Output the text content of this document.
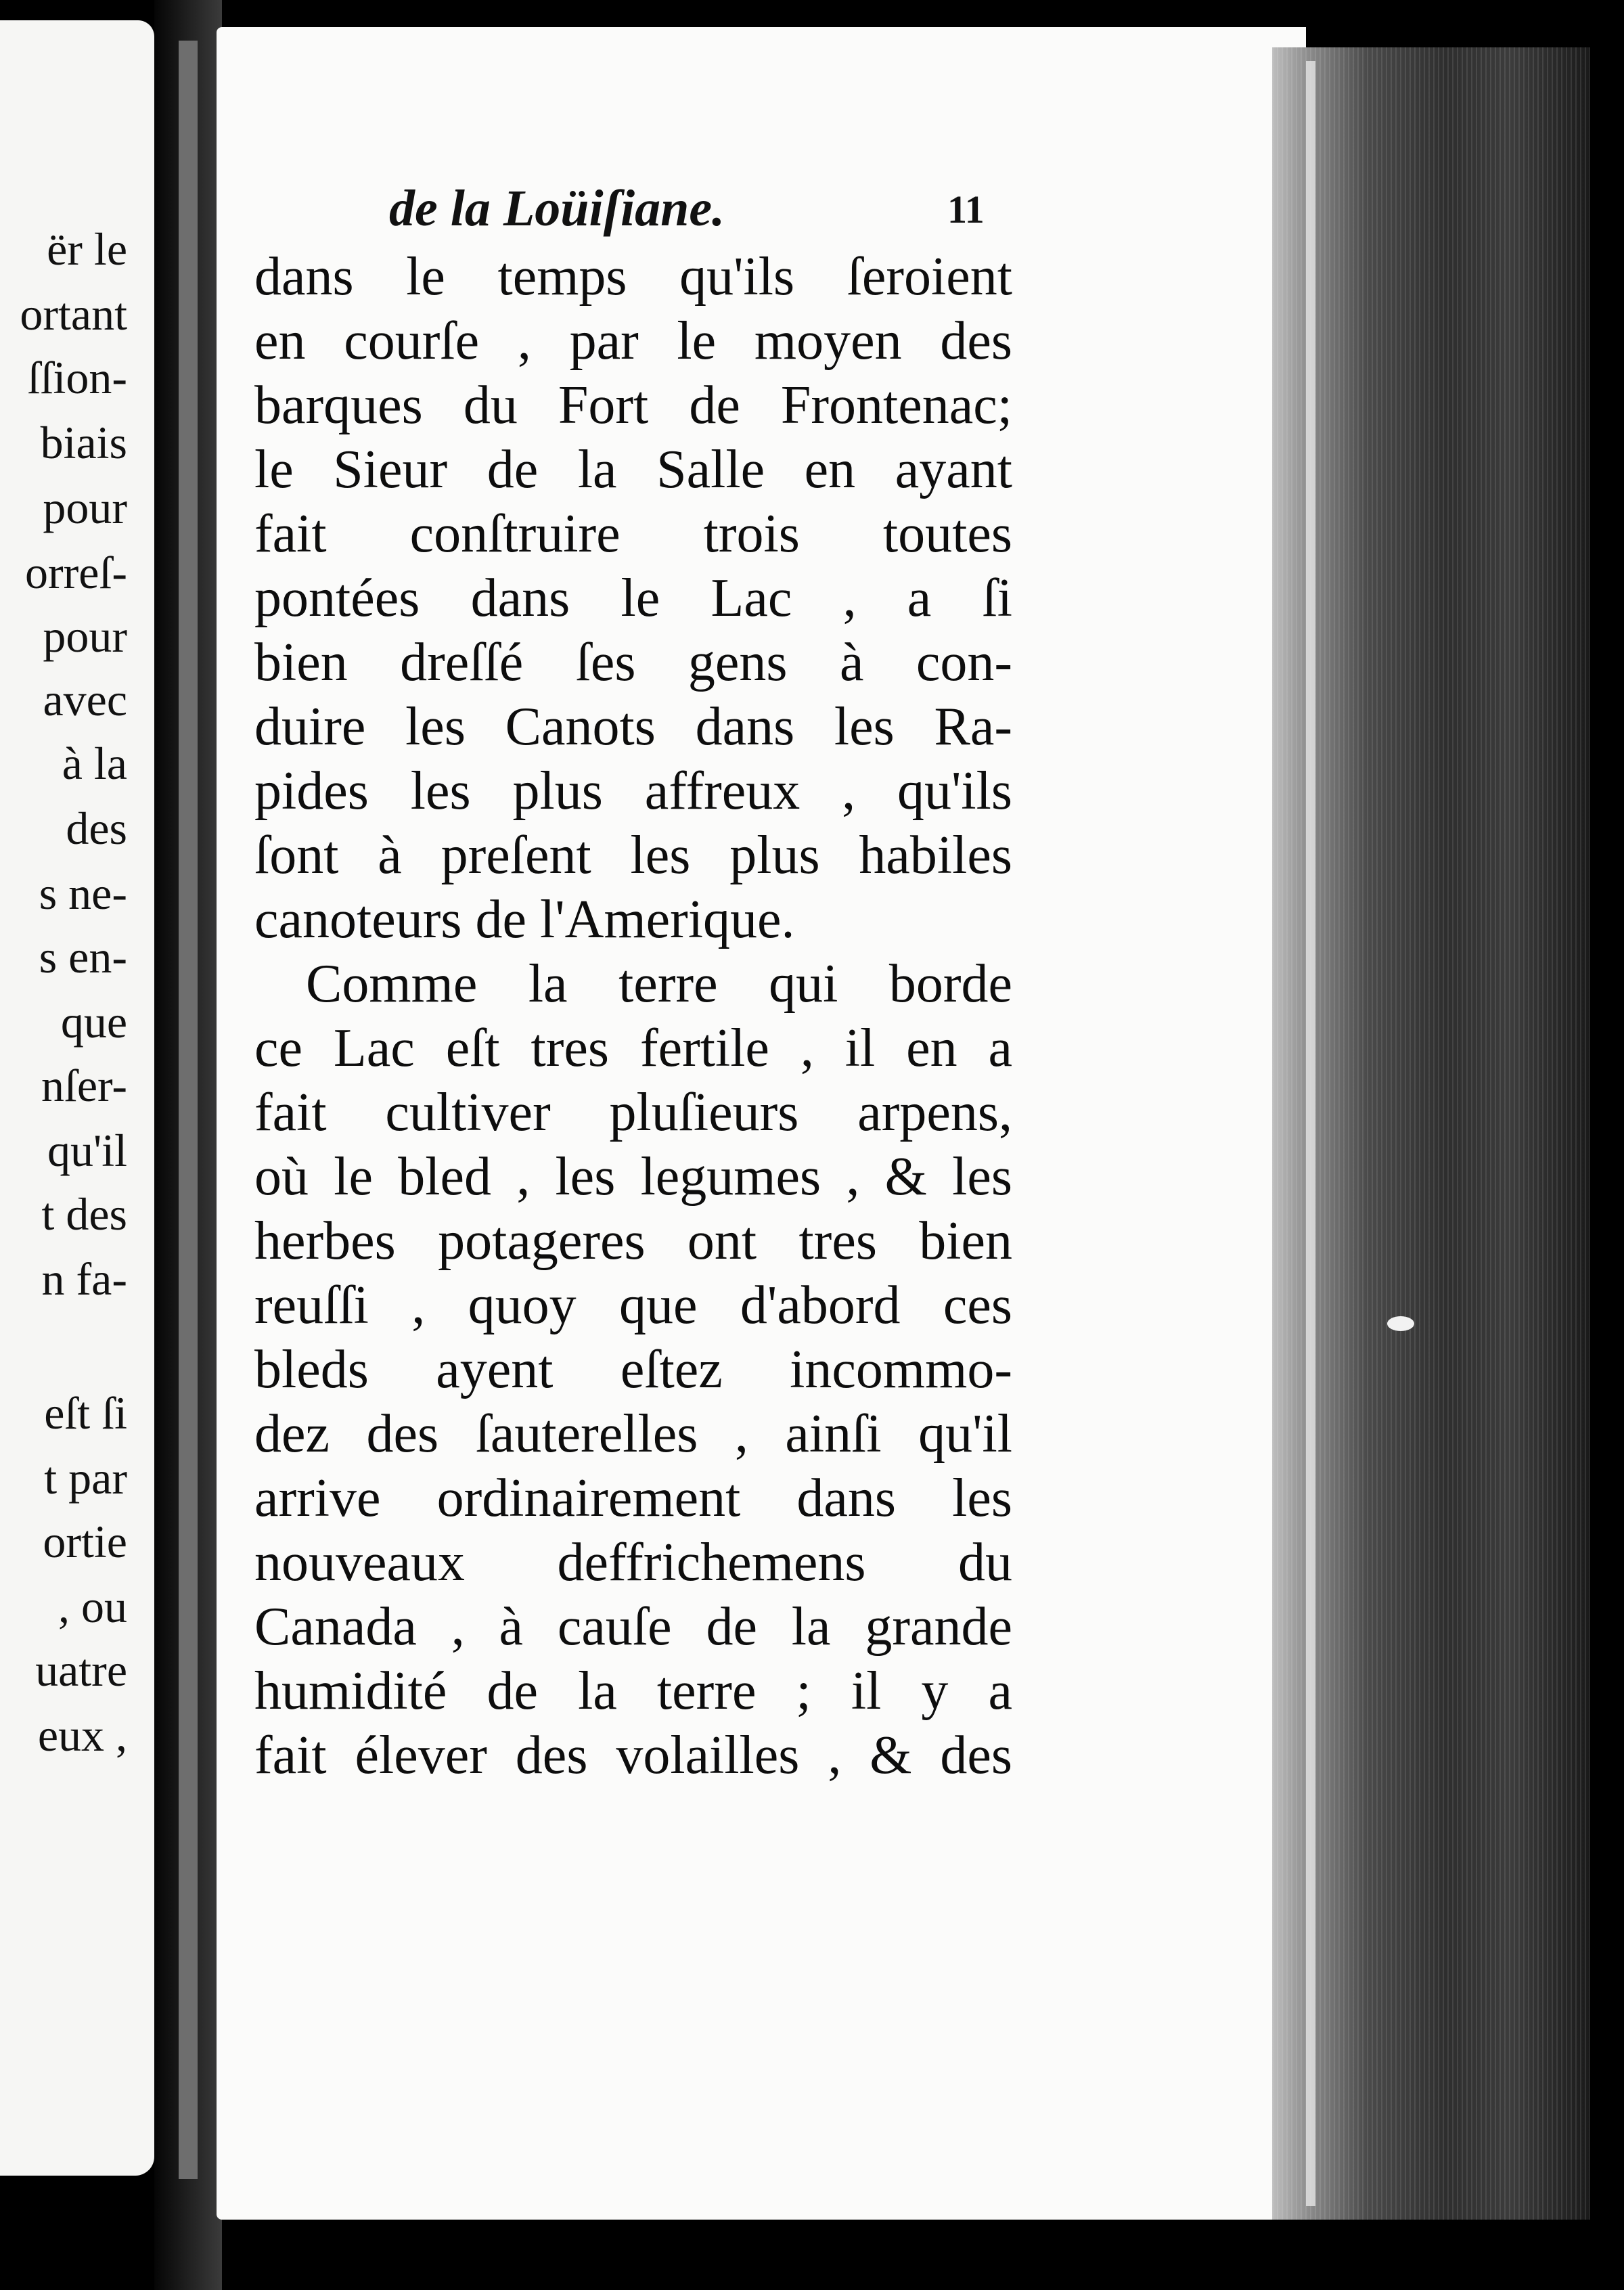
ër le

ortant

ſſion-

biais

pour

orreſ-

pour

avec

à la

des

s ne-

s en-

que

nſer-

qu'il

t des

n fa-

eſt ſi

t par

ortie

, ou

uatre

eux ,

de la Loüiſiane.	11

dans le temps qu'ils ſeroient
en courſe , par le moyen des
barques du Fort de Frontenac;
le Sieur de la Salle en ayant
fait conſtruire trois toutes
pontées dans le Lac , a ſi
bien dreſſé ſes gens à con-
duire les Canots dans les Ra-
pides les plus affreux , qu'ils
ſont à preſent les plus habiles
canoteurs de l'Amerique.
Comme la terre qui borde
ce Lac eſt tres fertile , il en a
fait cultiver pluſieurs arpens,
où le bled , les legumes , & les
herbes potageres ont tres bien
reuſſi , quoy que d'abord ces
bleds ayent eſtez incommo-
dez des ſauterelles , ainſi qu'il
arrive ordinairement dans les
nouveaux deffrichemens du
Canada , à cauſe de la grande
humidité de la terre ; il y a
fait élever des volailles , & des
